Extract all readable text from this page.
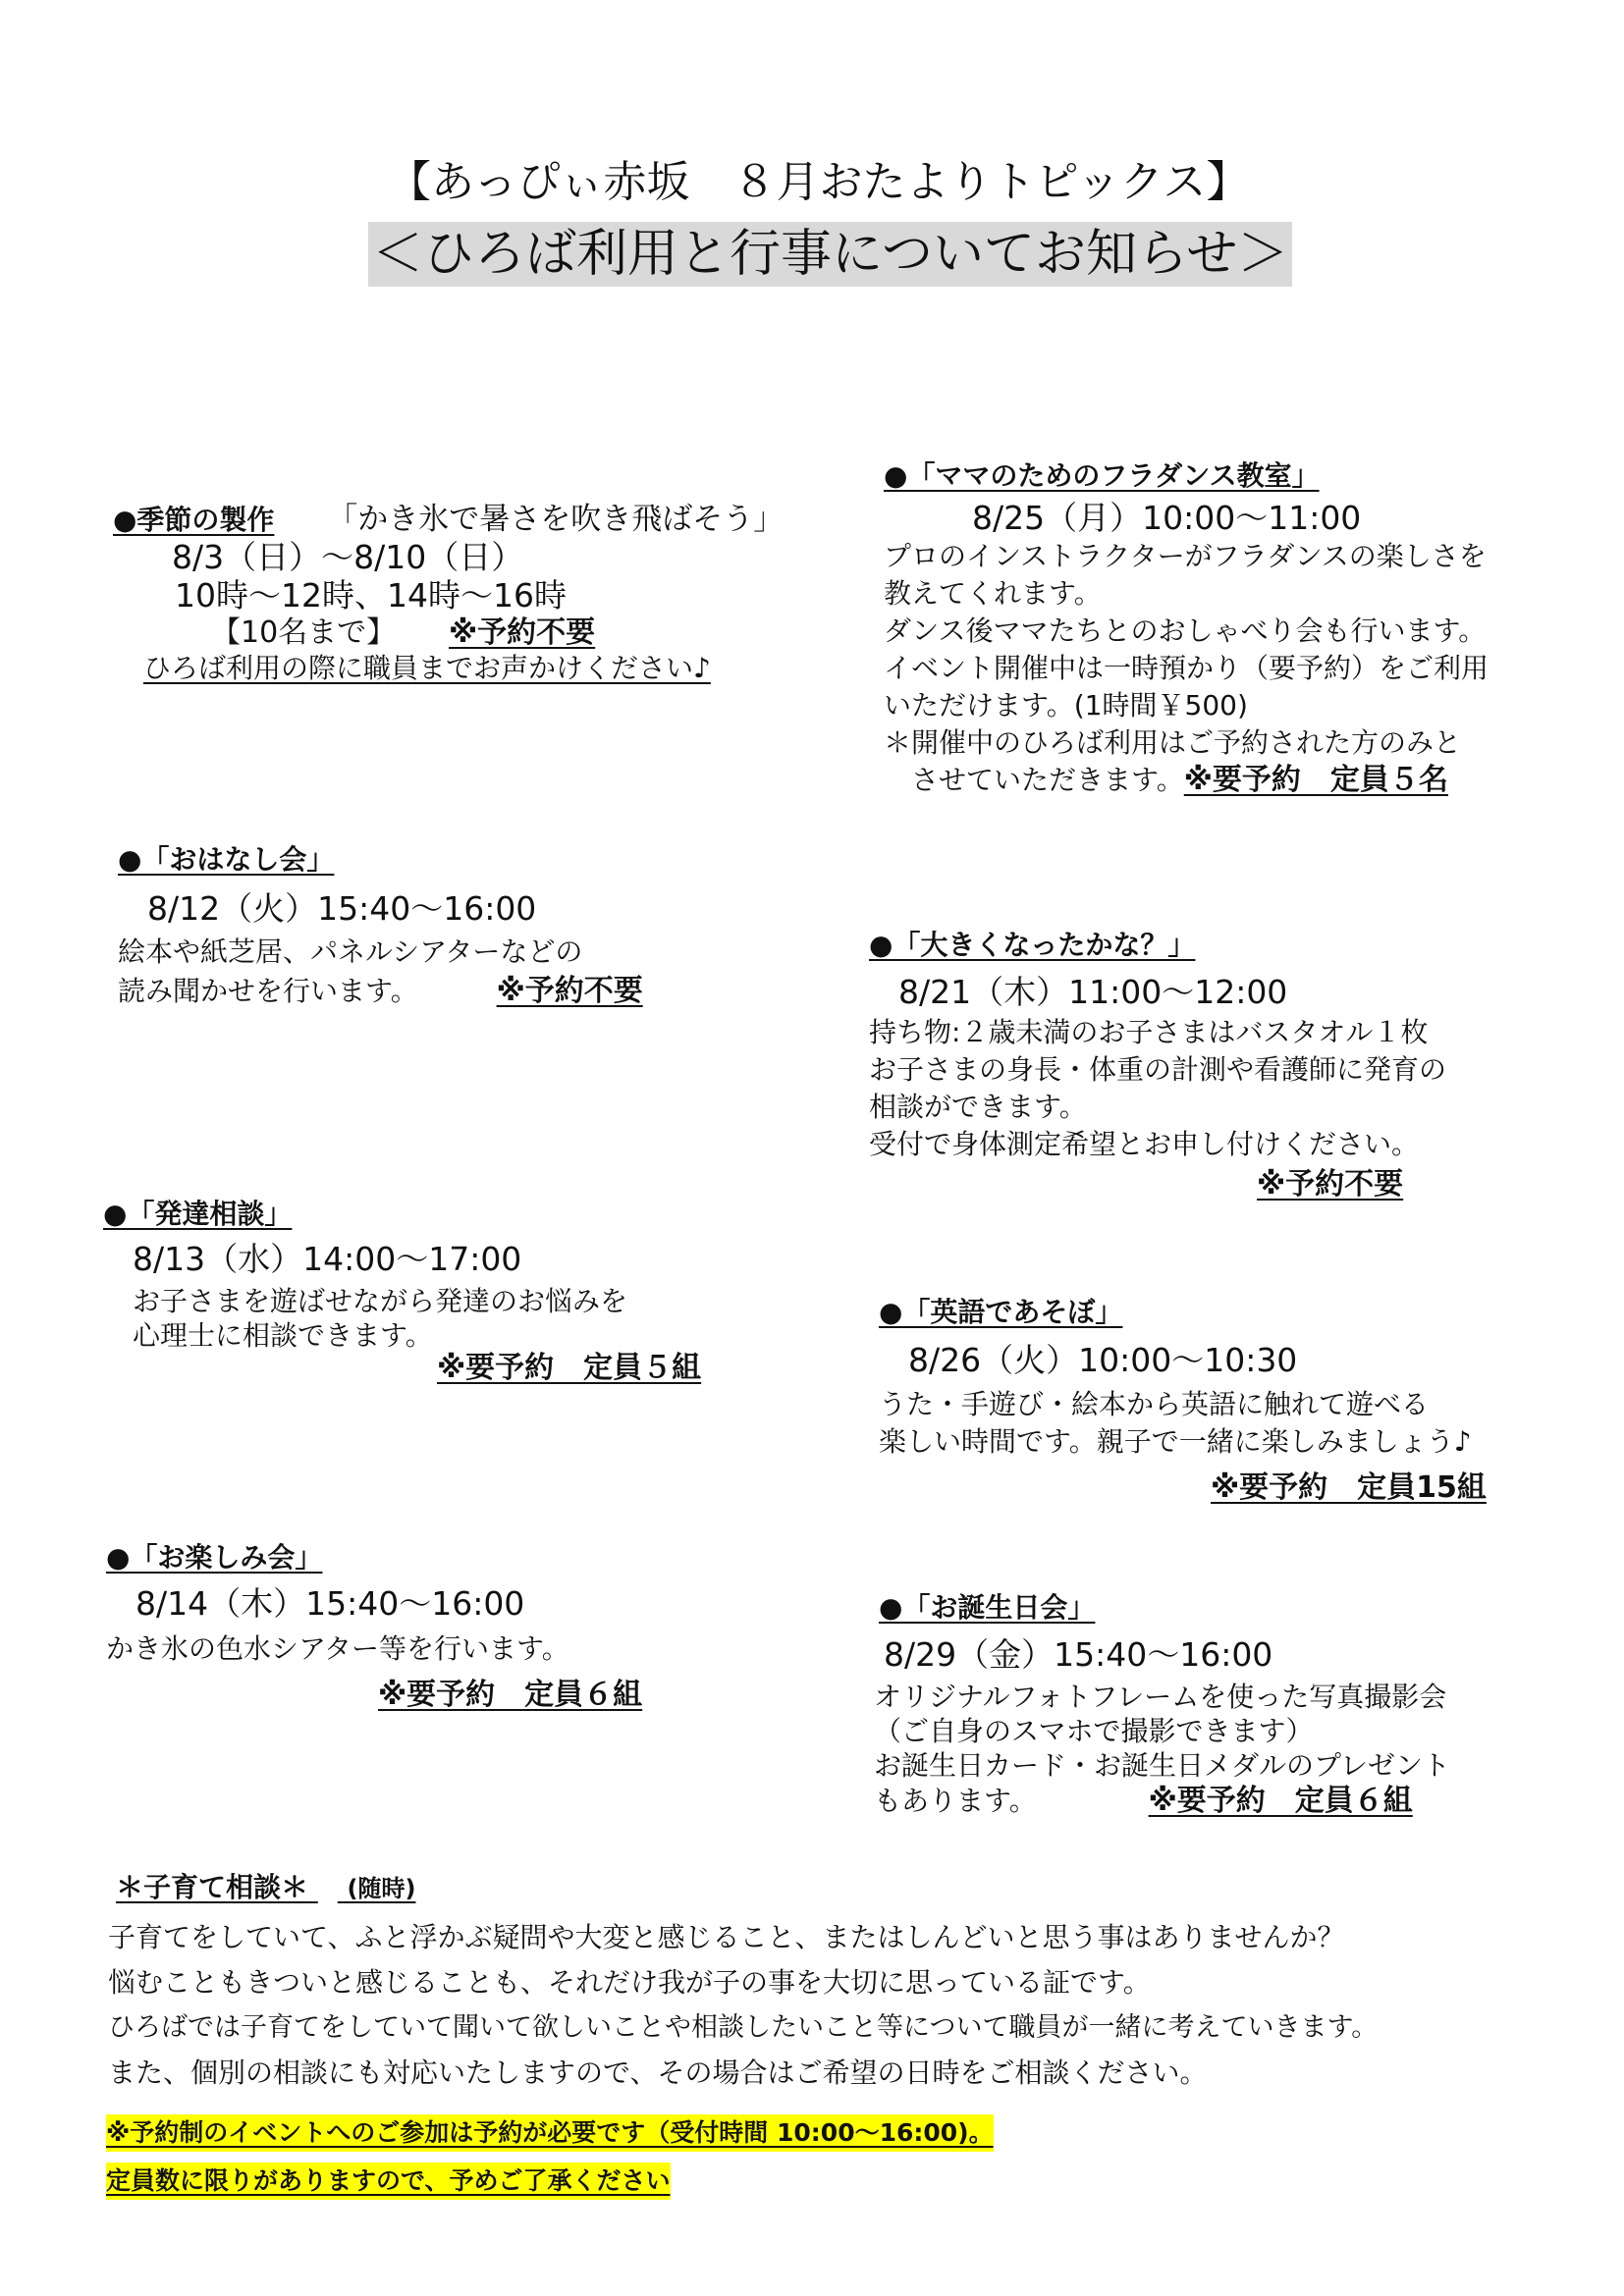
【あっぴぃ赤坂　８月おたよりトピックス】
＜ひろば利用と行事についてお知らせ＞
●季節の製作 「かき氷で暑さを吹き飛ばそう」
8/3（日）～8/10（日）
10時～12時、14時～16時
【10名まで】 ※予約不要
ひろば利用の際に職員までお声かけください♪
●「ママのためのフラダンス教室」
8/25（月）10:00～11:00
プロのインストラクターがフラダンスの楽しさを
教えてくれます。
ダンス後ママたちとのおしゃべり会も行います。
イベント開催中は一時預かり（要予約）をご利用
いただけます。(1時間￥500)
＊開催中のひろば利用はご予約された方のみと
　させていただきます。※要予約　定員５名
●「おはなし会」
8/12（火）15:40～16:00
絵本や紙芝居、パネルシアターなどの
読み聞かせを行います。	※予約不要
●「大きくなったかな？」
8/21（木）11:00～12:00
持ち物:２歳未満のお子さまはバスタオル１枚
お子さまの身長・体重の計測や看護師に発育の
相談ができます。
受付で身体測定希望とお申し付けください。
※予約不要
●「発達相談」
8/13（水）14:00～17:00
お子さまを遊ばせながら発達のお悩みを
心理士に相談できます。
※要予約　定員５組
●「英語であそぼ」
8/26（火）10:00～10:30
うた・手遊び・絵本から英語に触れて遊べる
楽しい時間です。親子で一緒に楽しみましょう♪
※要予約　定員15組
●「お楽しみ会」
8/14（木）15:40～16:00
かき氷の色水シアター等を行います。
※要予約　定員６組
●「お誕生日会」
8/29（金）15:40～16:00
オリジナルフォトフレームを使った写真撮影会
（ご自身のスマホで撮影できます）
お誕生日カード・お誕生日メダルのプレゼント
もあります。	※要予約　定員６組
＊子育て相談＊ (随時)
子育てをしていて、ふと浮かぶ疑問や大変と感じること、またはしんどいと思う事はありませんか？
悩むこともきついと感じることも、それだけ我が子の事を大切に思っている証です。
ひろばでは子育てをしていて聞いて欲しいことや相談したいこと等について職員が一緒に考えていきます。
また、個別の相談にも対応いたしますので、その場合はご希望の日時をご相談ください。
※予約制のイベントへのご参加は予約が必要です（受付時間 10:00～16:00)。
定員数に限りがありますので、予めご了承ください
